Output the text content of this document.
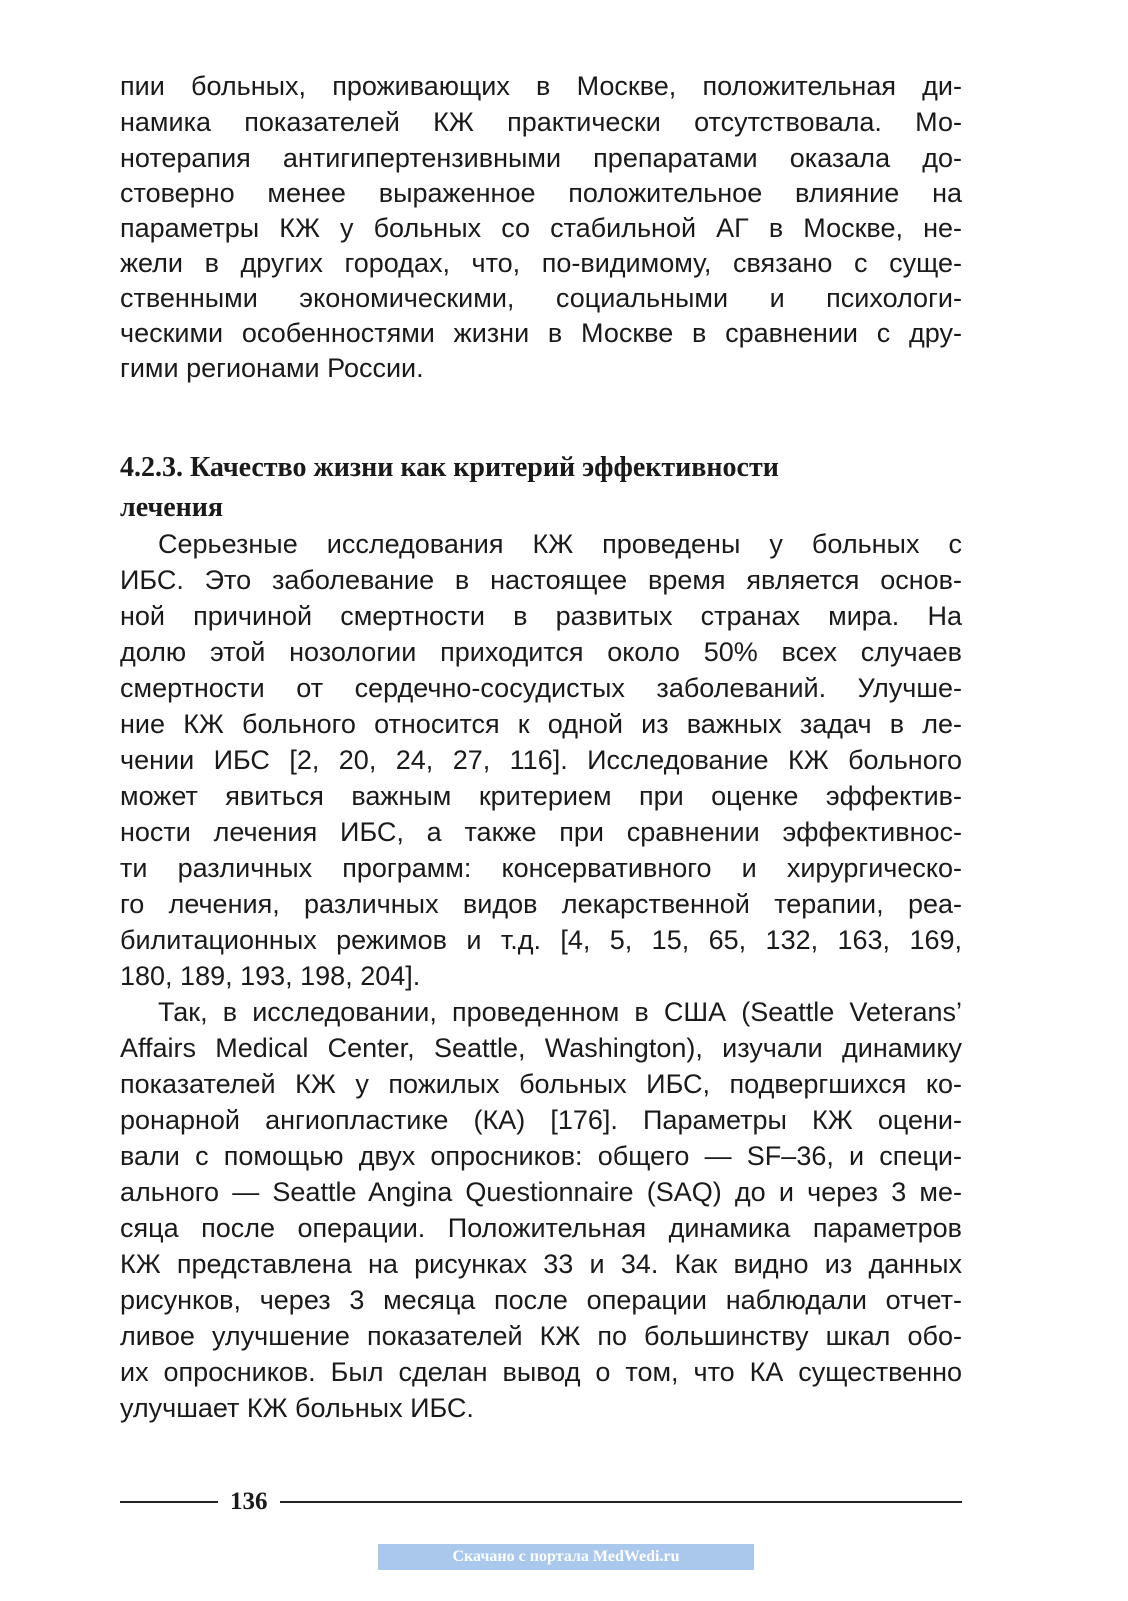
пии больных, проживающих в Москве, положительная ди-
намика показателей КЖ практически отсутствовала. Мо-
нотерапия антигипертензивными препаратами оказала до-
стоверно менее выраженное положительное влияние на
параметры КЖ у больных со стабильной АГ в Москве, не-
жели в других городах, что, по-видимому, связано с суще-
ственными экономическими, социальными и психологи-
ческими особенностями жизни в Москве в сравнении с дру-
гими регионами России.
4.2.3. Качество жизни как критерий эффективности
лечения
Серьезные исследования КЖ проведены у больных с
ИБС. Это заболевание в настоящее время является основ-
ной причиной смертности в развитых странах мира. На
долю этой нозологии приходится около 50% всех случаев
смертности от сердечно-сосудистых заболеваний. Улучше-
ние КЖ больного относится к одной из важных задач в ле-
чении ИБС [2, 20, 24, 27, 116]. Исследование КЖ больного
может явиться важным критерием при оценке эффектив-
ности лечения ИБС, а также при сравнении эффективнос-
ти различных программ: консервативного и хирургическо-
го лечения, различных видов лекарственной терапии, реа-
билитационных режимов и т.д. [4, 5, 15, 65, 132, 163, 169,
180, 189, 193, 198, 204].
Так, в исследовании, проведенном в США (Seattle Veterans’
Affairs Medical Center, Seattle, Washington), изучали динамику
показателей КЖ у пожилых больных ИБС, подвергшихся ко-
ронарной ангиопластике (КА) [176]. Параметры КЖ оцени-
вали с помощью двух опросников: общего — SF–36, и специ-
ального — Seattle Angina Questionnaire (SAQ) до и через 3 ме-
сяца после операции. Положительная динамика параметров
КЖ представлена на рисунках 33 и 34. Как видно из данных
рисунков, через 3 месяца после операции наблюдали отчет-
ливое улучшение показателей КЖ по большинству шкал обо-
их опросников. Был сделан вывод о том, что КА существенно
улучшает КЖ больных ИБС.
136
Скачано с портала MedWedi.ru
